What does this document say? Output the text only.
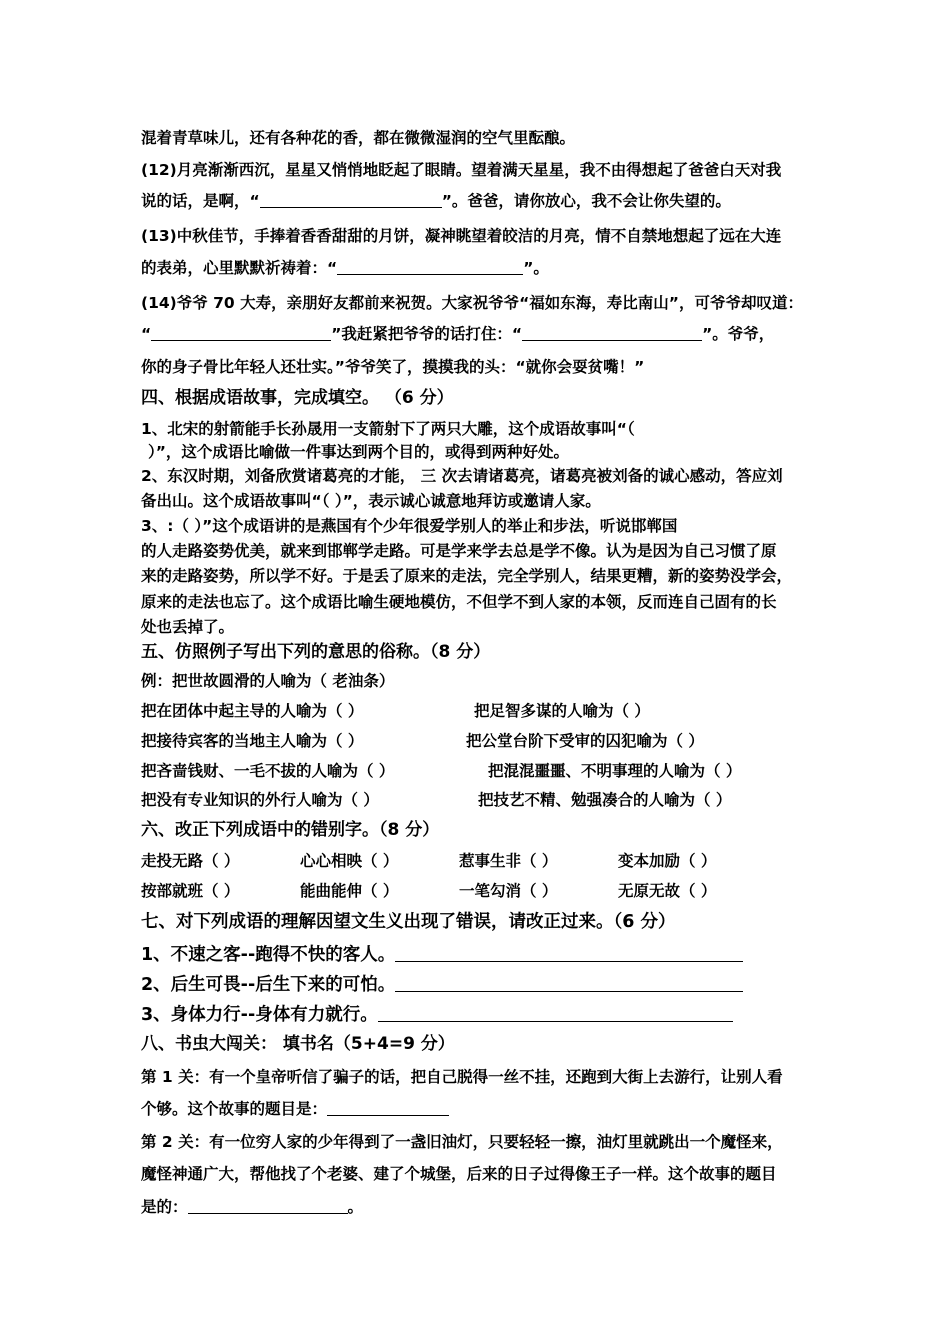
混着青草味儿，还有各种花的香，都在微微湿润的空气里酝酿。
(12)月亮渐渐西沉，星星又悄悄地眨起了眼睛。望着满天星星，我不由得想起了爸爸白天对我
说的话，是啊，“	”。爸爸，请你放心，我不会让你失望的。
(13)中秋佳节，手捧着香香甜甜的月饼，凝神眺望着皎洁的月亮，情不自禁地想起了远在大连
的表弟，心里默默祈祷着：“	”。
(14)爷爷 70 大寿，亲朋好友都前来祝贺。大家祝爷爷“福如东海，寿比南山”，可爷爷却叹道：
“	”我赶紧把爷爷的话打住：“	”。爷爷，
你的身子骨比年轻人还壮实。”爷爷笑了，摸摸我的头：“就你会耍贫嘴！”
四、根据成语故事，完成填空。 （6 分）
1、北宋的射箭能手长孙晟用一支箭射下了两只大雕，这个成语故事叫“（
）”，这个成语比喻做一件事达到两个目的，或得到两种好处。
2、东汉时期，刘备欣赏诸葛亮的才能， 三 次去请诸葛亮，诸葛亮被刘备的诚心感动，答应刘
备出山。这个成语故事叫“（ ）”，表示诚心诚意地拜访或邀请人家。
3、:（ ）”这个成语讲的是燕国有个少年很爱学别人的举止和步法，听说邯郸国
的人走路姿势优美，就来到邯郸学走路。可是学来学去总是学不像。认为是因为自己习惯了原
来的走路姿势，所以学不好。于是丢了原来的走法，完全学别人，结果更糟，新的姿势没学会，
原来的走法也忘了。这个成语比喻生硬地模仿，不但学不到人家的本领，反而连自己固有的长
处也丢掉了。
五、仿照例子写出下列的意思的俗称。（8 分）
例：把世故圆滑的人喻为（ 老油条）
把在团体中起主导的人喻为（ ）	把足智多谋的人喻为（ ）
把接待宾客的当地主人喻为（ ）	把公堂台阶下受审的囚犯喻为（ ）
把吝啬钱财、一毛不拔的人喻为（ ）	把混混噩噩、不明事理的人喻为（ ）
把没有专业知识的外行人喻为（ ）	把技艺不精、勉强凑合的人喻为（ ）
六、改正下列成语中的错别字。（8 分）
走投无路（ ）	心心相映（ ）	惹事生非（ ）	变本加励（ ）
按部就班（ ）	能曲能伸（ ）	一笔勾消（ ）	无原无故（ ）
七、对下列成语的理解因望文生义出现了错误，请改正过来。（6 分）
1、不速之客--跑得不快的客人。
2、后生可畏--后生下来的可怕。
3、身体力行--身体有力就行。
八、书虫大闯关： 填书名（5+4=9 分）
第 1 关：有一个皇帝听信了骗子的话，把自己脱得一丝不挂，还跑到大街上去游行，让别人看
个够。这个故事的题目是：
第 2 关：有一位穷人家的少年得到了一盏旧油灯，只要轻轻一擦，油灯里就跳出一个魔怪来，
魔怪神通广大，帮他找了个老婆、建了个城堡，后来的日子过得像王子一样。这个故事的题目
是的：	。
